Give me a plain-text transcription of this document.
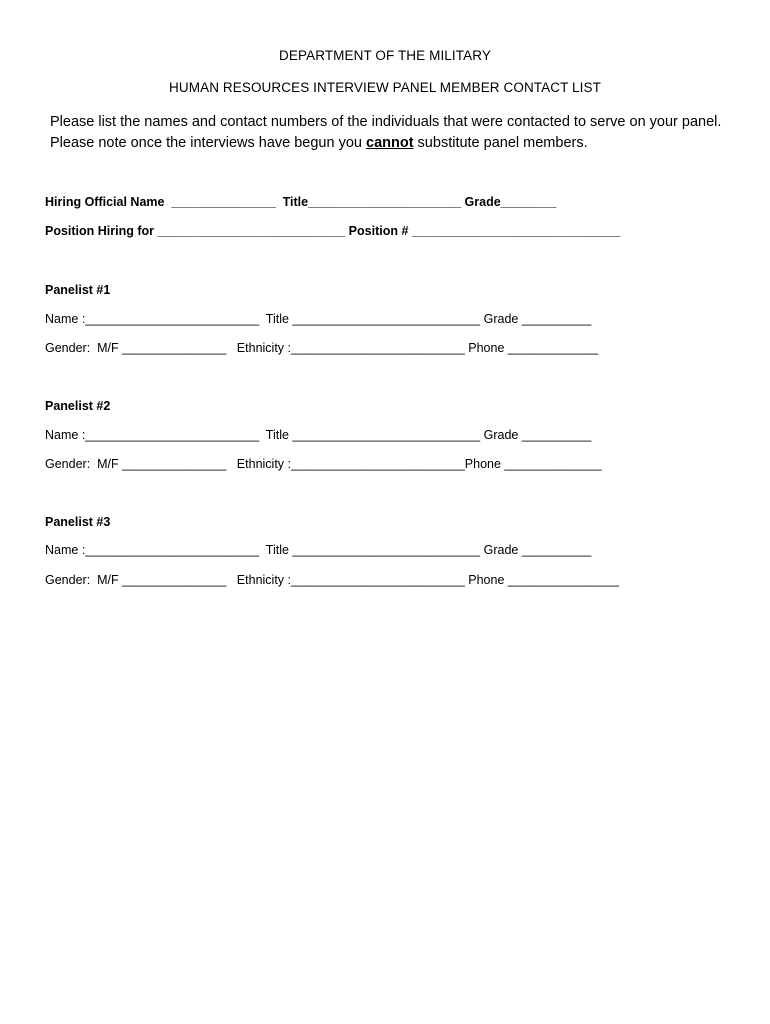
DEPARTMENT OF THE MILITARY
HUMAN RESOURCES INTERVIEW PANEL MEMBER CONTACT LIST
Please list the names and contact numbers of the individuals that were contacted to serve on your panel. Please note once the interviews have begun you cannot substitute panel members.
Hiring Official Name  _______________  Title______________________ Grade________
Position Hiring for ___________________________ Position # ______________________________
Panelist #1
Name :_________________________  Title ___________________________ Grade __________
Gender:  M/F _______________   Ethnicity :_________________________ Phone _____________
Panelist #2
Name :_________________________  Title ___________________________ Grade __________
Gender:  M/F _______________   Ethnicity :_________________________Phone ______________
Panelist #3
Name :_________________________  Title ___________________________ Grade __________
Gender:  M/F _______________   Ethnicity :_________________________ Phone ________________
